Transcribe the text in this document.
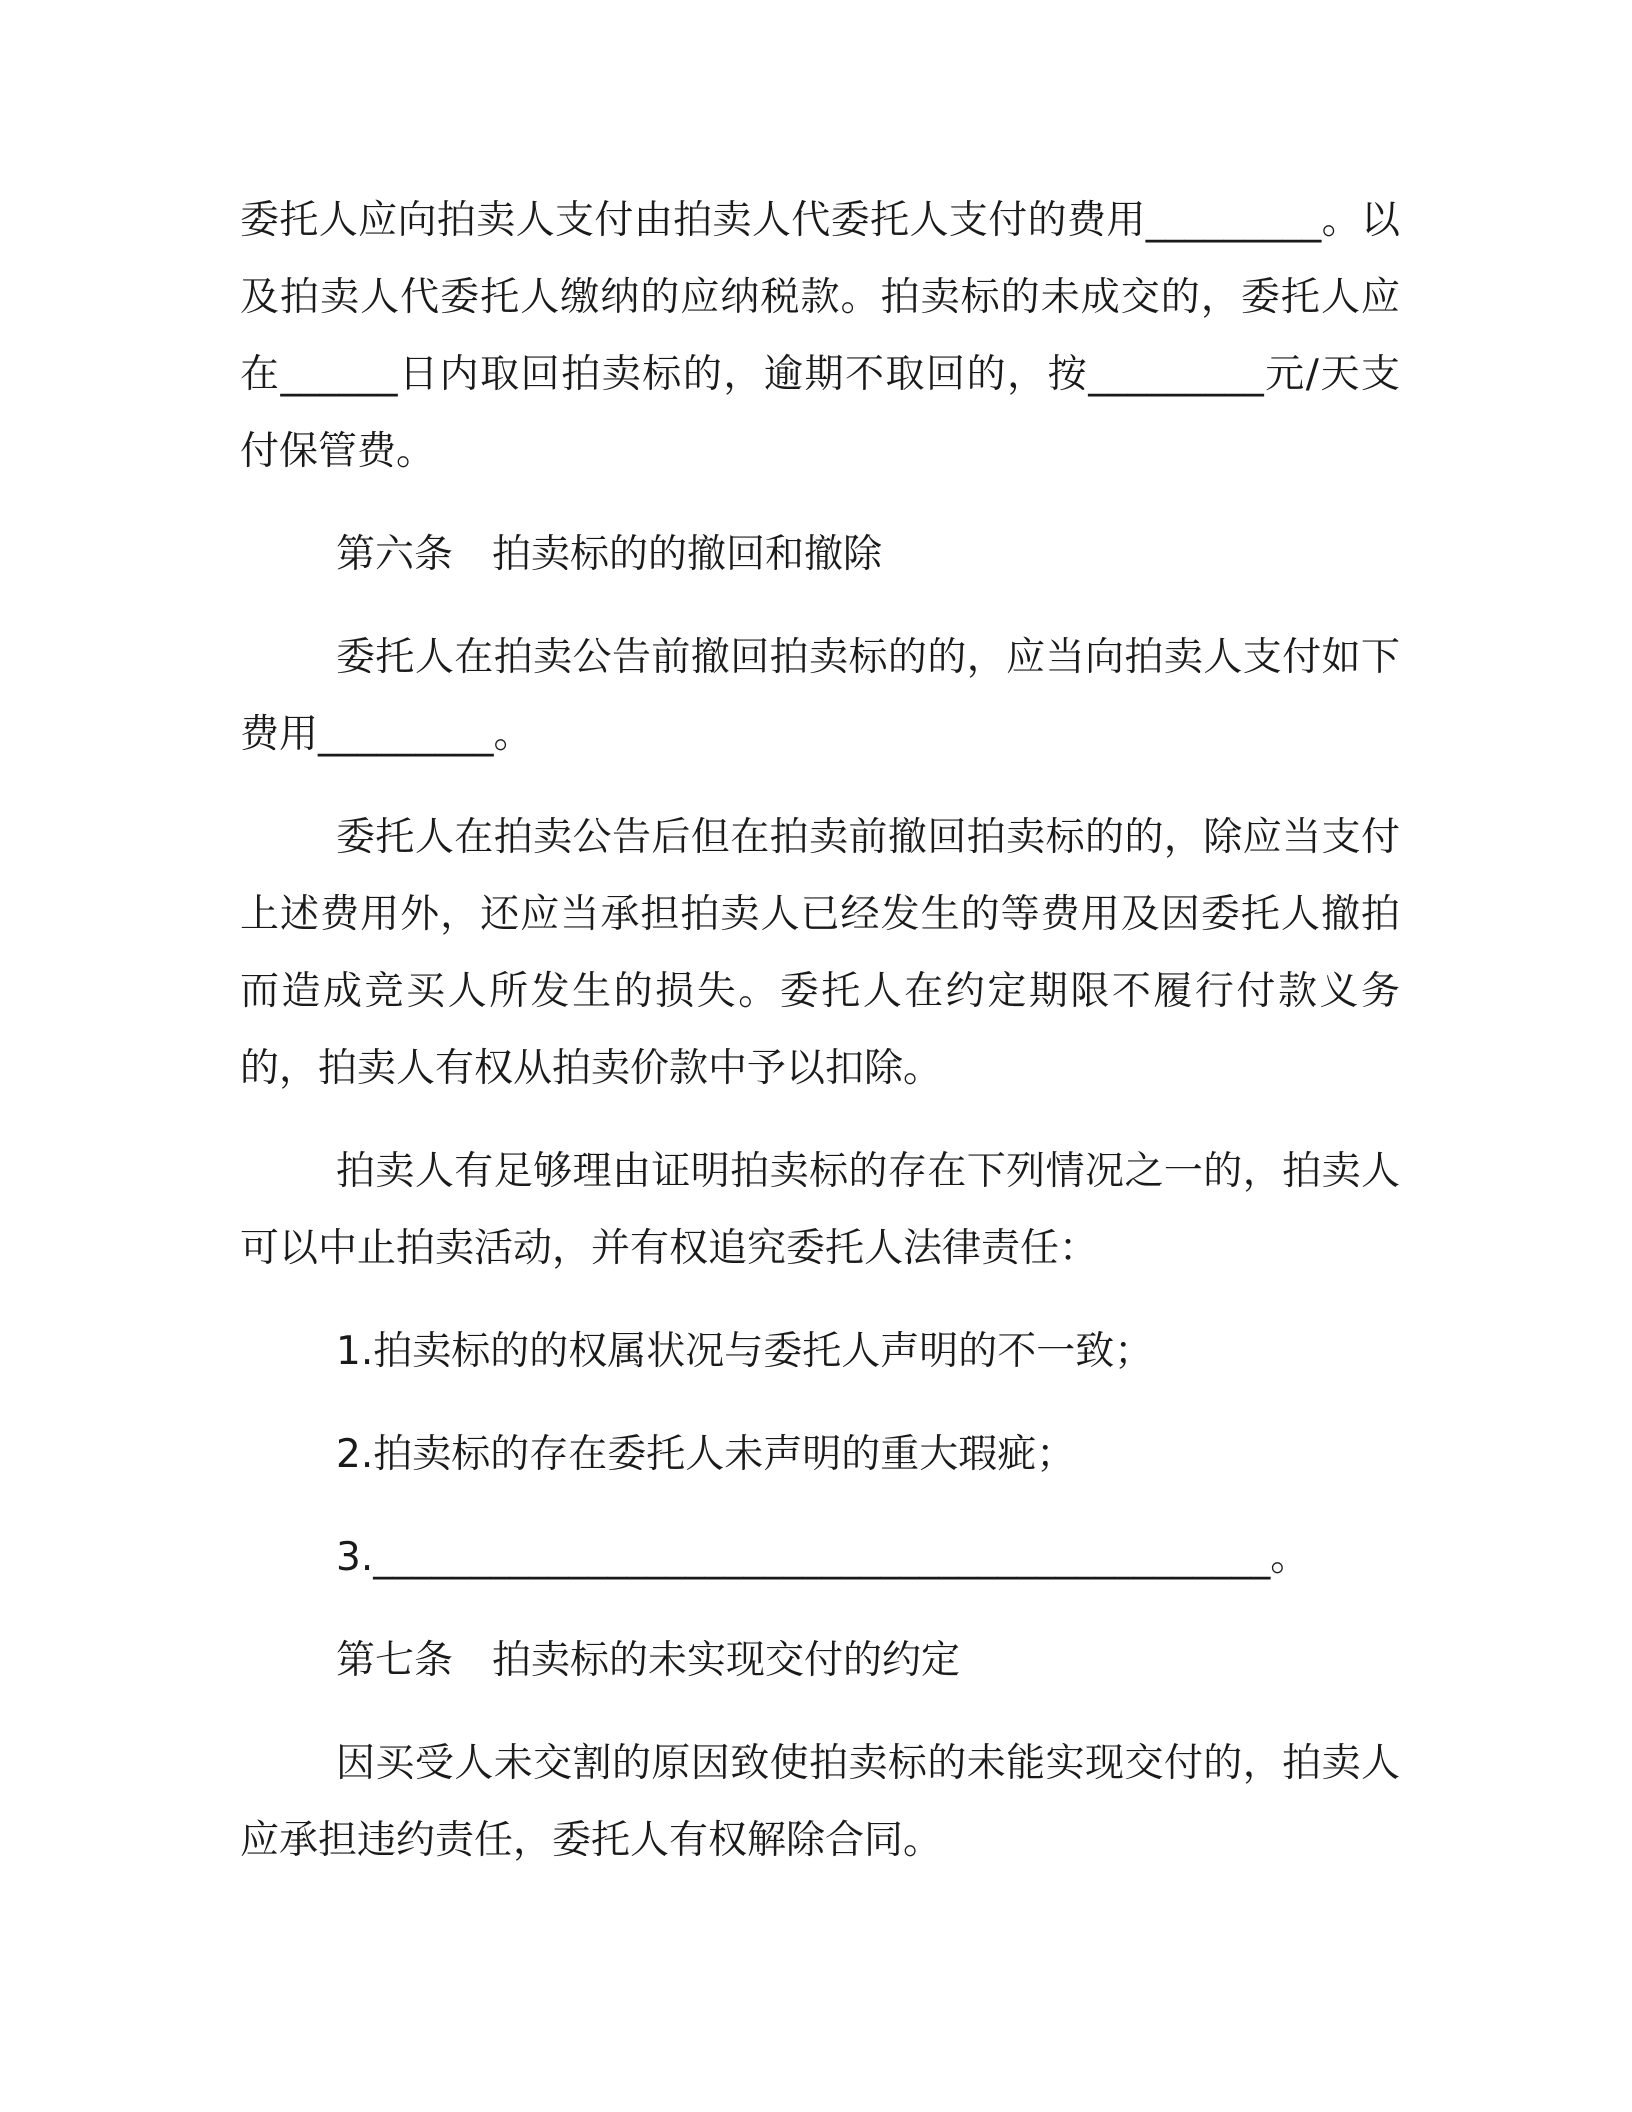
委托人应向拍卖人支付由拍卖人代委托人支付的费用_________。以及拍卖人代委托人缴纳的应纳税款。拍卖标的未成交的，委托人应在______日内取回拍卖标的，逾期不取回的，按_________元/天支付保管费。

第六条　拍卖标的的撤回和撤除

委托人在拍卖公告前撤回拍卖标的的，应当向拍卖人支付如下费用_________。

委托人在拍卖公告后但在拍卖前撤回拍卖标的的，除应当支付上述费用外，还应当承担拍卖人已经发生的等费用及因委托人撤拍而造成竞买人所发生的损失。委托人在约定期限不履行付款义务的，拍卖人有权从拍卖价款中予以扣除。

拍卖人有足够理由证明拍卖标的存在下列情况之一的，拍卖人可以中止拍卖活动，并有权追究委托人法律责任：

1.拍卖标的的权属状况与委托人声明的不一致；

2.拍卖标的存在委托人未声明的重大瑕疵；

3.______________________________________________。

第七条　拍卖标的未实现交付的约定

因买受人未交割的原因致使拍卖标的未能实现交付的，拍卖人应承担违约责任，委托人有权解除合同。
